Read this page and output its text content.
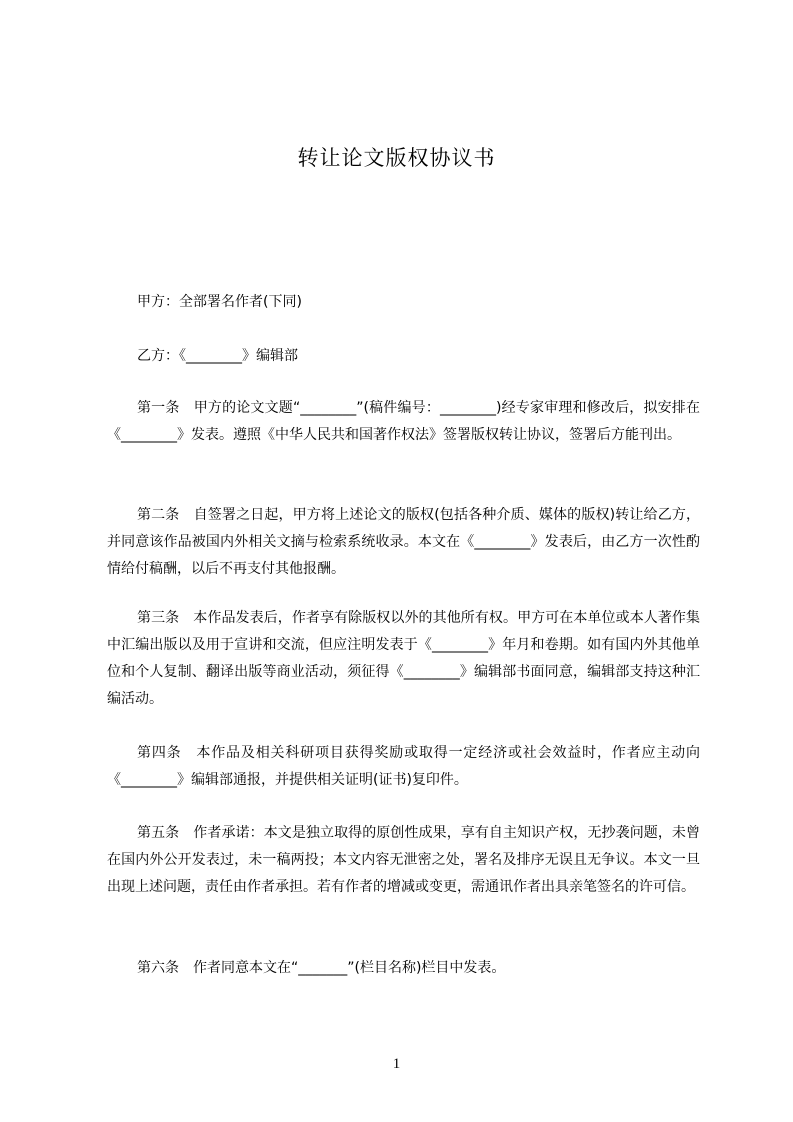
转让论文版权协议书
甲方：全部署名作者(下同)
乙方：《________》编辑部

第一条　甲方的论文文题“________”(稿件编号：________)经专家审理和修改后，拟安排在《________》发表。遵照《中华人民共和国著作权法》签署版权转让协议，签署后方能刊出。

第二条　自签署之日起，甲方将上述论文的版权(包括各种介质、媒体的版权)转让给乙方，并同意该作品被国内外相关文摘与检索系统收录。本文在《________》发表后，由乙方一次性酌情给付稿酬，以后不再支付其他报酬。

第三条　本作品发表后，作者享有除版权以外的其他所有权。甲方可在本单位或本人著作集中汇编出版以及用于宣讲和交流，但应注明发表于《________》年月和卷期。如有国内外其他单位和个人复制、翻译出版等商业活动，须征得《________》编辑部书面同意，编辑部支持这种汇编活动。

第四条　本作品及相关科研项目获得奖励或取得一定经济或社会效益时，作者应主动向《________》编辑部通报，并提供相关证明(证书)复印件。

第五条　作者承诺：本文是独立取得的原创性成果，享有自主知识产权，无抄袭问题，未曾在国内外公开发表过，未一稿两投；本文内容无泄密之处，署名及排序无误且无争议。本文一旦出现上述问题，责任由作者承担。若有作者的增减或变更，需通讯作者出具亲笔签名的许可信。

第六条　作者同意本文在“_______”(栏目名称)栏目中发表。

1
